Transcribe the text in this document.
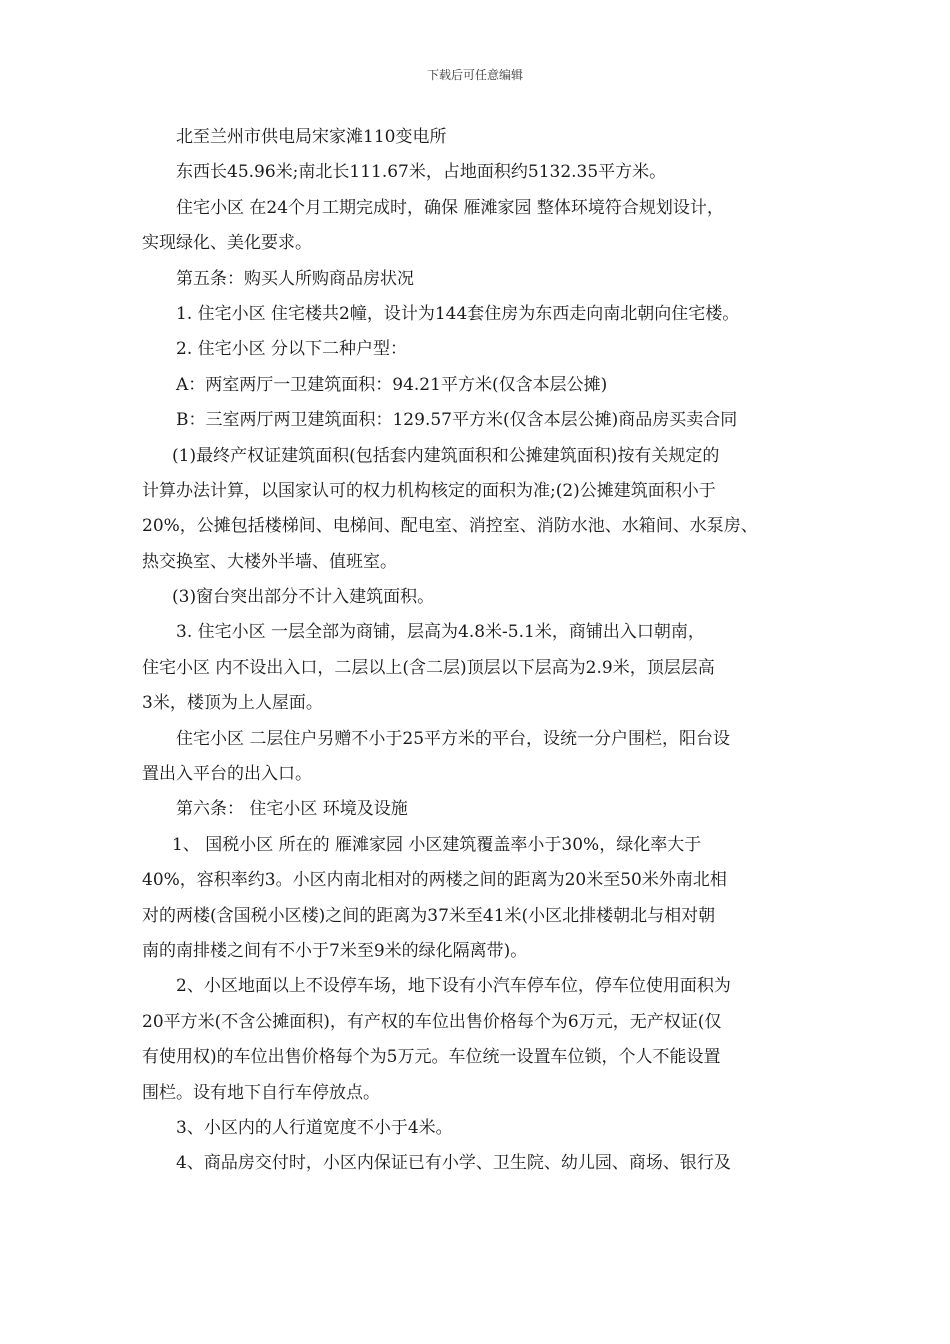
下载后可任意编辑
北至兰州市供电局宋家滩110变电所
东西长45.96米;南北长111.67米，占地面积约5132.35平方米。
住宅小区 在24个月工期完成时，确保 雁滩家园 整体环境符合规划设计，
实现绿化、美化要求。
第五条：购买人所购商品房状况
1. 住宅小区 住宅楼共2幢，设计为144套住房为东西走向南北朝向住宅楼。
2. 住宅小区 分以下二种户型：
A：两室两厅一卫建筑面积：94.21平方米(仅含本层公摊)
B：三室两厅两卫建筑面积：129.57平方米(仅含本层公摊)商品房买卖合同
(1)最终产权证建筑面积(包括套内建筑面积和公摊建筑面积)按有关规定的
计算办法计算，以国家认可的权力机构核定的面积为准;(2)公摊建筑面积小于
20%，公摊包括楼梯间、电梯间、配电室、消控室、消防水池、水箱间、水泵房、
热交换室、大楼外半墙、值班室。
(3)窗台突出部分不计入建筑面积。
3. 住宅小区 一层全部为商铺，层高为4.8米-5.1米，商铺出入口朝南，
住宅小区 内不设出入口，二层以上(含二层)顶层以下层高为2.9米，顶层层高
3米，楼顶为上人屋面。
住宅小区 二层住户另赠不小于25平方米的平台，设统一分户围栏，阳台设
置出入平台的出入口。
第六条： 住宅小区 环境及设施
1、 国税小区 所在的 雁滩家园 小区建筑覆盖率小于30%，绿化率大于
40%，容积率约3。小区内南北相对的两楼之间的距离为20米至50米外南北相
对的两楼(含国税小区楼)之间的距离为37米至41米(小区北排楼朝北与相对朝
南的南排楼之间有不小于7米至9米的绿化隔离带)。
2、小区地面以上不设停车场，地下设有小汽车停车位，停车位使用面积为
20平方米(不含公摊面积)，有产权的车位出售价格每个为6万元，无产权证(仅
有使用权)的车位出售价格每个为5万元。车位统一设置车位锁，个人不能设置
围栏。设有地下自行车停放点。
3、小区内的人行道宽度不小于4米。
4、商品房交付时，小区内保证已有小学、卫生院、幼儿园、商场、银行及
